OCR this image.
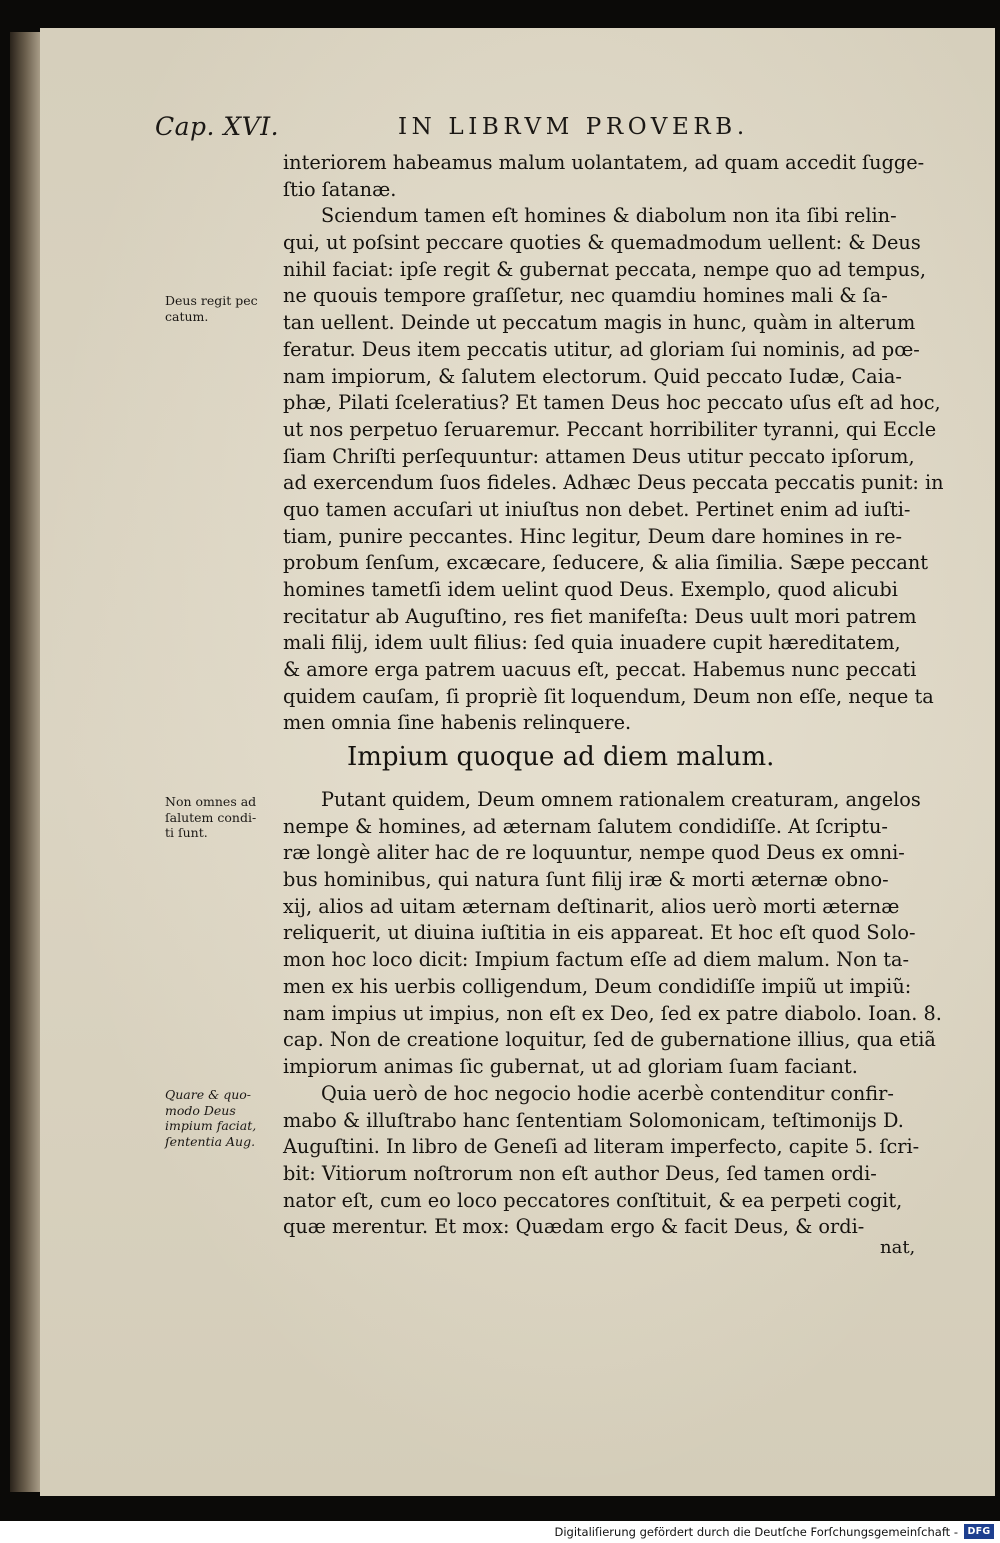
Cap. XVI.	IN LIBRVM PROVERB.
interiorem habeamus malum uolantatem, ad quam accedit ſugge-
ſtio ſatanæ.
Sciendum tamen eſt homines & diabolum non ita ſibi relin-
qui, ut poſsint peccare quoties & quemadmodum uellent: & Deus
nihil faciat: ipſe regit & gubernat peccata, nempe quo ad tempus,
ne quouis tempore graſſetur, nec quamdiu homines mali & ſa-
tan uellent. Deinde ut peccatum magis in hunc, quàm in alterum
feratur. Deus item peccatis utitur, ad gloriam ſui nominis, ad pœ-
nam impiorum, & ſalutem electorum. Quid peccato Iudæ, Caia-
phæ, Pilati ſceleratius? Et tamen Deus hoc peccato uſus eſt ad hoc,
ut nos perpetuo ſeruaremur. Peccant horribiliter tyranni, qui Eccle
ſiam Chriſti perſequuntur: attamen Deus utitur peccato ipſorum,
ad exercendum ſuos fideles. Adhæc Deus peccata peccatis punit: in
quo tamen accuſari ut iniuſtus non debet. Pertinet enim ad iuſti-
tiam, punire peccantes. Hinc legitur, Deum dare homines in re-
probum ſenſum, excæcare, ſeducere, & alia ſimilia. Sæpe peccant
homines tametſi idem uelint quod Deus. Exemplo, quod alicubi
recitatur ab Auguſtino, res fiet manifeſta: Deus uult mori patrem
mali filij, idem uult filius: ſed quia inuadere cupit hæreditatem,
& amore erga patrem uacuus eſt, peccat. Habemus nunc peccati
quidem cauſam, ſi propriè ſit loquendum, Deum non eſſe, neque ta
men omnia ſine habenis relinquere.
Impium quoque ad diem malum.
Putant quidem, Deum omnem rationalem creaturam, angelos
nempe & homines, ad æternam ſalutem condidiſſe. At ſcriptu-
ræ longè aliter hac de re loquuntur, nempe quod Deus ex omni-
bus hominibus, qui natura ſunt filij iræ & morti æternæ obno-
xij, alios ad uitam æternam deſtinarit, alios uerò morti æternæ
reliquerit, ut diuina iuſtitia in eis appareat. Et hoc eſt quod Solo-
mon hoc loco dicit: Impium factum eſſe ad diem malum. Non ta-
men ex his uerbis colligendum, Deum condidiſſe impiũ ut impiũ:
nam impius ut impius, non eſt ex Deo, ſed ex patre diabolo. Ioan. 8.
cap. Non de creatione loquitur, ſed de gubernatione illius, qua etiã
impiorum animas ſic gubernat, ut ad gloriam ſuam faciant.
Quia uerò de hoc negocio hodie acerbè contenditur confir-
mabo & illuſtrabo hanc ſententiam Solomonicam, teſtimonijs D.
Auguſtini. In libro de Geneſi ad literam imperfecto, capite 5. ſcri-
bit: Vitiorum noſtrorum non eſt author Deus, ſed tamen ordi-
nator eſt, cum eo loco peccatores conſtituit, & ea perpeti cogit,
quæ merentur. Et mox: Quædam ergo & facit Deus, & ordi-
nat,
Deus regit pec
catum.
Non omnes ad
ſalutem condi-
ti ſunt.
Quare & quo-
modo Deus
impium faciat,
ſententia Aug.
Digitaliſierung gefördert durch die Deutſche Forſchungsgemeinſchaft - DFG
